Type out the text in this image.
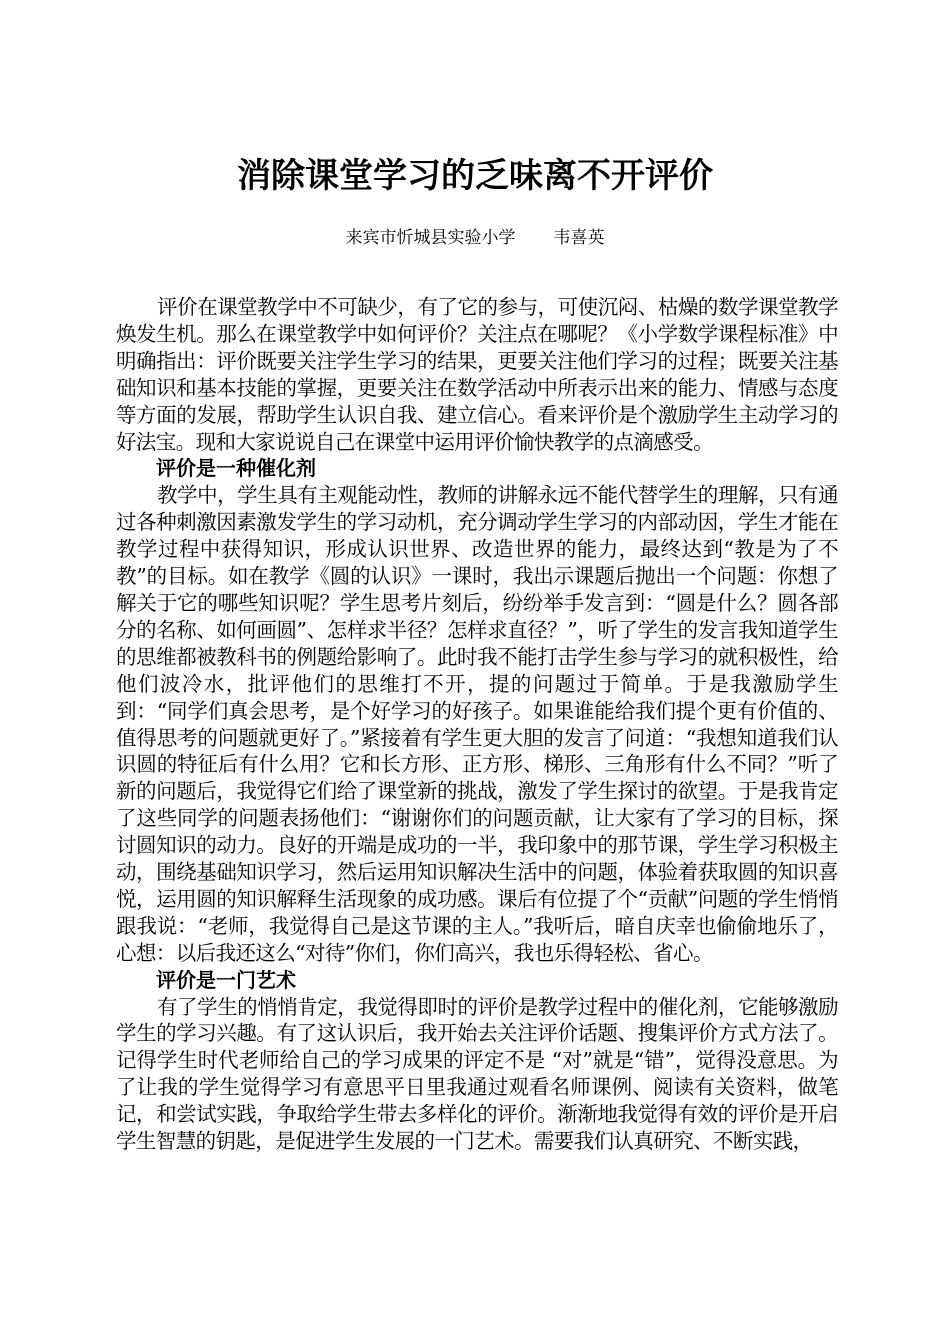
消除课堂学习的乏味离不开评价
来宾市忻城县实验小学 韦喜英

评价在课堂教学中不可缺少，有了它的参与，可使沉闷、枯燥的数学课堂教学焕发生机。那么在课堂教学中如何评价？关注点在哪呢？《小学数学课程标准》中明确指出：评价既要关注学生学习的结果，更要关注他们学习的过程；既要关注基础知识和基本技能的掌握，更要关注在数学活动中所表示出来的能力、情感与态度等方面的发展，帮助学生认识自我、建立信心。看来评价是个激励学生主动学习的好法宝。现和大家说说自己在课堂中运用评价愉快教学的点滴感受。

评价是一种催化剂

教学中，学生具有主观能动性，教师的讲解永远不能代替学生的理解，只有通过各种刺激因素激发学生的学习动机，充分调动学生学习的内部动因，学生才能在教学过程中获得知识，形成认识世界、改造世界的能力，最终达到“教是为了不教”的目标。如在教学《圆的认识》一课时，我出示课题后抛出一个问题：你想了解关于它的哪些知识呢？学生思考片刻后，纷纷举手发言到：“圆是什么？圆各部分的名称、如何画圆”、怎样求半径？怎样求直径？”，听了学生的发言我知道学生的思维都被教科书的例题给影响了。此时我不能打击学生参与学习的就积极性，给他们波冷水，批评他们的思维打不开，提的问题过于简单。于是我激励学生到：“同学们真会思考，是个好学习的好孩子。如果谁能给我们提个更有价值的、值得思考的问题就更好了。”紧接着有学生更大胆的发言了问道：“我想知道我们认识圆的特征后有什么用？它和长方形、正方形、梯形、三角形有什么不同？”听了新的问题后，我觉得它们给了课堂新的挑战，激发了学生探讨的欲望。于是我肯定了这些同学的问题表扬他们：“谢谢你们的问题贡献，让大家有了学习的目标，探讨圆知识的动力。良好的开端是成功的一半，我印象中的那节课，学生学习积极主动，围绕基础知识学习，然后运用知识解决生活中的问题，体验着获取圆的知识喜悦，运用圆的知识解释生活现象的成功感。课后有位提了个“贡献”问题的学生悄悄跟我说：“老师，我觉得自己是这节课的主人。”我听后，暗自庆幸也偷偷地乐了，心想：以后我还这么“对待”你们，你们高兴，我也乐得轻松、省心。

评价是一门艺术

有了学生的悄悄肯定，我觉得即时的评价是教学过程中的催化剂，它能够激励学生的学习兴趣。有了这认识后，我开始去关注评价话题、搜集评价方式方法了。记得学生时代老师给自己的学习成果的评定不是 “对”就是“错”，觉得没意思。为了让我的学生觉得学习有意思平日里我通过观看名师课例、阅读有关资料，做笔记，和尝试实践，争取给学生带去多样化的评价。渐渐地我觉得有效的评价是开启学生智慧的钥匙，是促进学生发展的一门艺术。需要我们认真研究、不断实践，
